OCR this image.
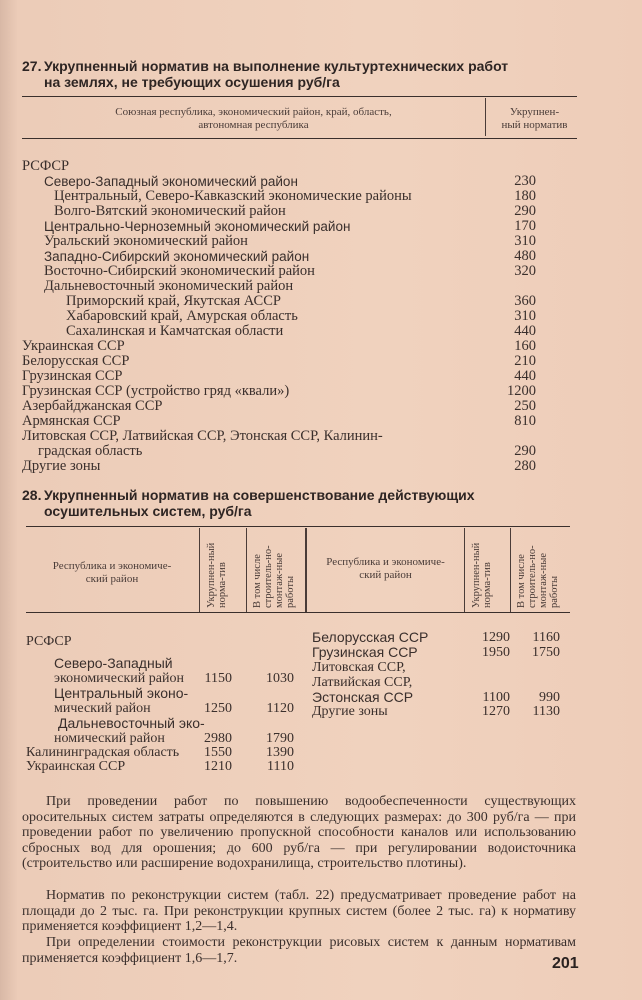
27. Укрупненный норматив на выполнение культуртехнических работ
на землях, не требующих осушения руб/га
Союзная республика, экономический район, край, область,
автономная республика
Укрупнен-
ный норматив
РСФСР
Северо-Западный экономический район	230
Центральный, Северо-Кавказский экономические районы	180
Волго-Вятский экономический район	290
Центрально-Черноземный экономический район	170
Уральский экономический район	310
Западно-Сибирский экономический район	480
Восточно-Сибирский экономический район	320
Дальневосточный экономический район
Приморский край, Якутская АССР	360
Хабаровский край, Амурская область	310
Сахалинская и Камчатская области	440
Украинская ССР	160
Белорусская ССР	210
Грузинская ССР	440
Грузинская ССР (устройство гряд «квали»)	1200
Азербайджанская ССР	250
Армянская ССР	810
Литовская ССР, Латвийская ССР, Этонская ССР, Калинин-
градская область	290
Другие зоны	280
28. Укрупненный норматив на совершенствование действующих
осушительных систем, руб/га
Республика и экономиче-
ский район	Укрупнен-ный норма-тив	В том числе строитель-но-монтаж-ные работы
Республика и экономиче-
ский район	Укрупнен-ный норма-тив	В том числе строитель-но-монтаж-ные работы
РСФСР
Северо-Западный
экономический район	1150	1030
Центральный эконо-
мический район	1250	1120
Дальневосточный эко-
номический район	2980	1790
Калининградская область	1550	1390
Украинская ССР	1210	1110
Белорусская ССР	1290	1160
Грузинская ССР	1950	1750
Литовская ССР,
Латвийская ССР,
Эстонская ССР	1100	990
Другие зоны	1270	1130
При проведении работ по повышению водообеспеченности существующих оросительных систем затраты определяются в следующих размерах: до 300 руб/га — при проведении работ по увеличению пропускной способности каналов или использованию сбросных вод для орошения; до 600 руб/га — при регулировании водоисточника (строительство или расширение водохранилища, строительство плотины).
Норматив по реконструкции систем (табл. 22) предусматривает проведение работ на площади до 2 тыс. га. При реконструкции крупных систем (более 2 тыс. га) к нормативу применяется коэффициент 1,2—1,4.
При определении стоимости реконструкции рисовых систем к данным нормативам применяется коэффициент 1,6—1,7.	201
